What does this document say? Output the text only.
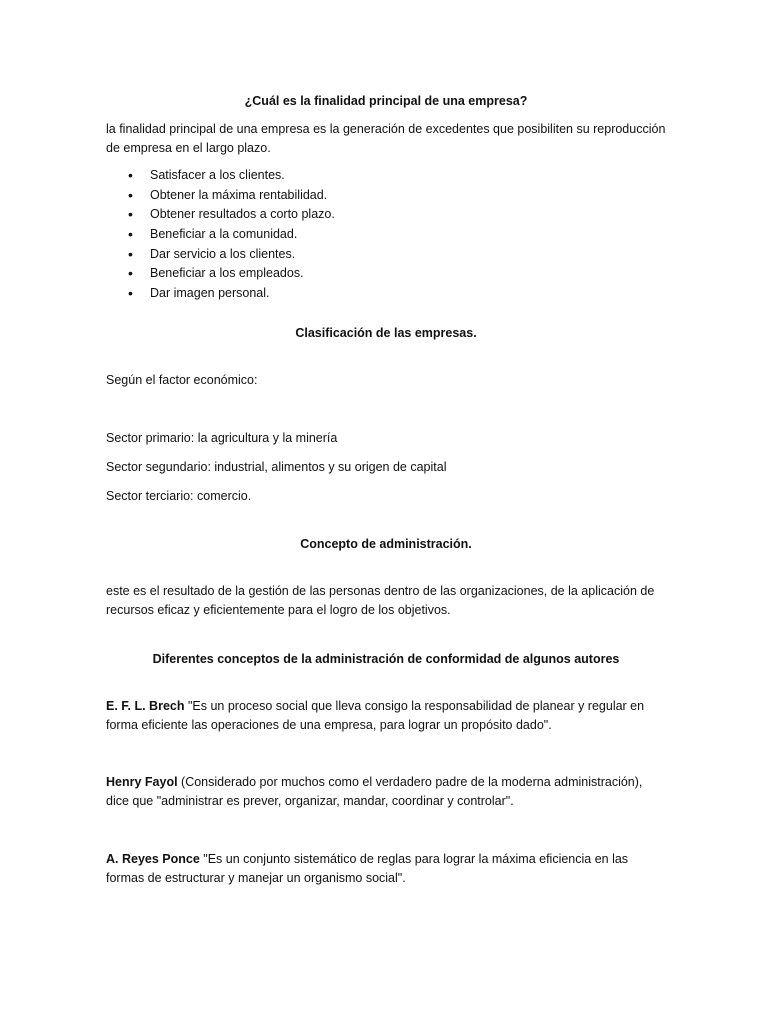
¿Cuál es la finalidad principal de una empresa?

la finalidad principal de una empresa es la generación de excedentes que posibiliten su reproducción de empresa en el largo plazo.

• Satisfacer a los clientes.
• Obtener la máxima rentabilidad.
• Obtener resultados a corto plazo.
• Beneficiar a la comunidad.
• Dar servicio a los clientes.
• Beneficiar a los empleados.
• Dar imagen personal.

Clasificación de las empresas.

Según el factor económico:

Sector primario: la agricultura y la minería

Sector segundario: industrial, alimentos y su origen de capital

Sector terciario: comercio.

Concepto de administración.

este es el resultado de la gestión de las personas dentro de las organizaciones, de la aplicación de recursos eficaz y eficientemente para el logro de los objetivos.

Diferentes conceptos de la administración de conformidad de algunos autores

E. F. L. Brech "Es un proceso social que lleva consigo la responsabilidad de planear y regular en forma eficiente las operaciones de una empresa, para lograr un propósito dado".

Henry Fayol (Considerado por muchos como el verdadero padre de la moderna administración), dice que "administrar es prever, organizar, mandar, coordinar y controlar".

A. Reyes Ponce "Es un conjunto sistemático de reglas para lograr la máxima eficiencia en las formas de estructurar y manejar un organismo social".
